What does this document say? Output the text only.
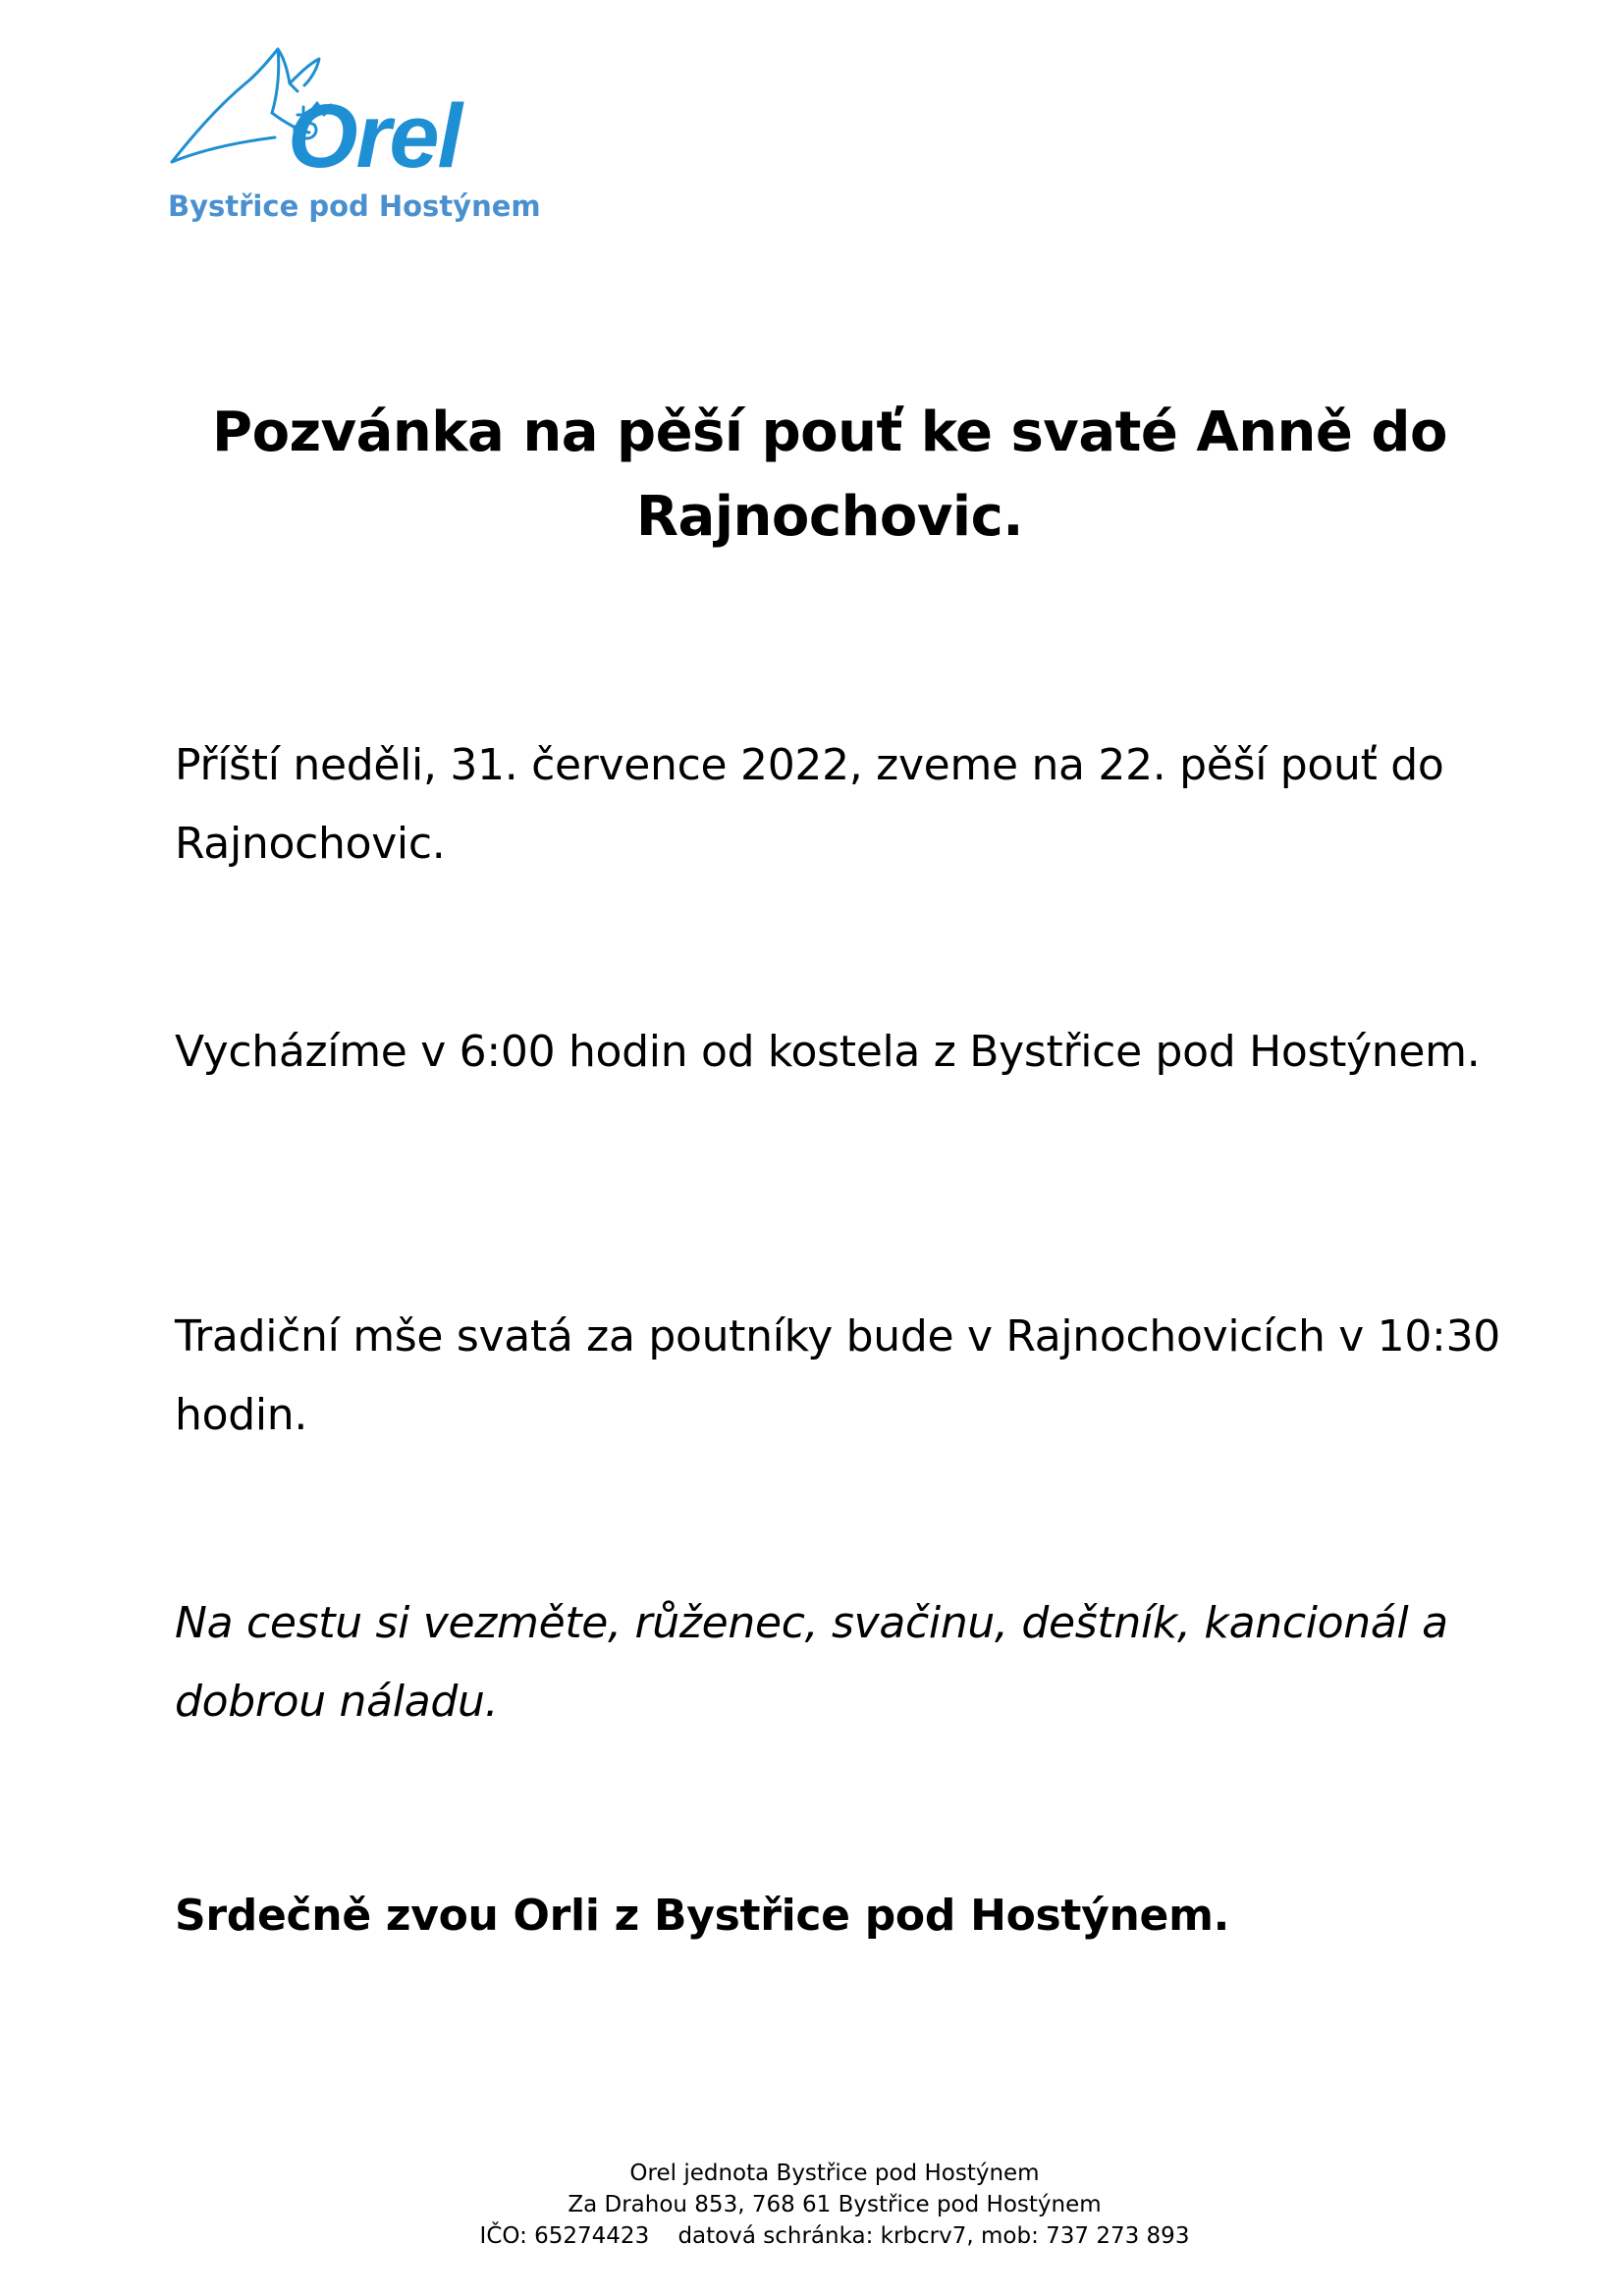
Orel
Bystřice pod Hostýnem
Pozvánka na pěší pouť ke svaté Anně do Rajnochovic.

Příští neděli, 31. července 2022, zveme na 22. pěší pouť do Rajnochovic.

Vycházíme v 6:00 hodin od kostela z Bystřice pod Hostýnem.

Tradiční mše svatá za poutníky bude v Rajnochovicích v 10:30 hodin.

Na cestu si vezměte, růženec, svačinu, deštník, kancionál a dobrou náladu.

Srdečně zvou Orli z Bystřice pod Hostýnem.

Orel jednota Bystřice pod Hostýnem
Za Drahou 853, 768 61 Bystřice pod Hostýnem
IČO: 65274423    datová schránka: krbcrv7, mob: 737 273 893
